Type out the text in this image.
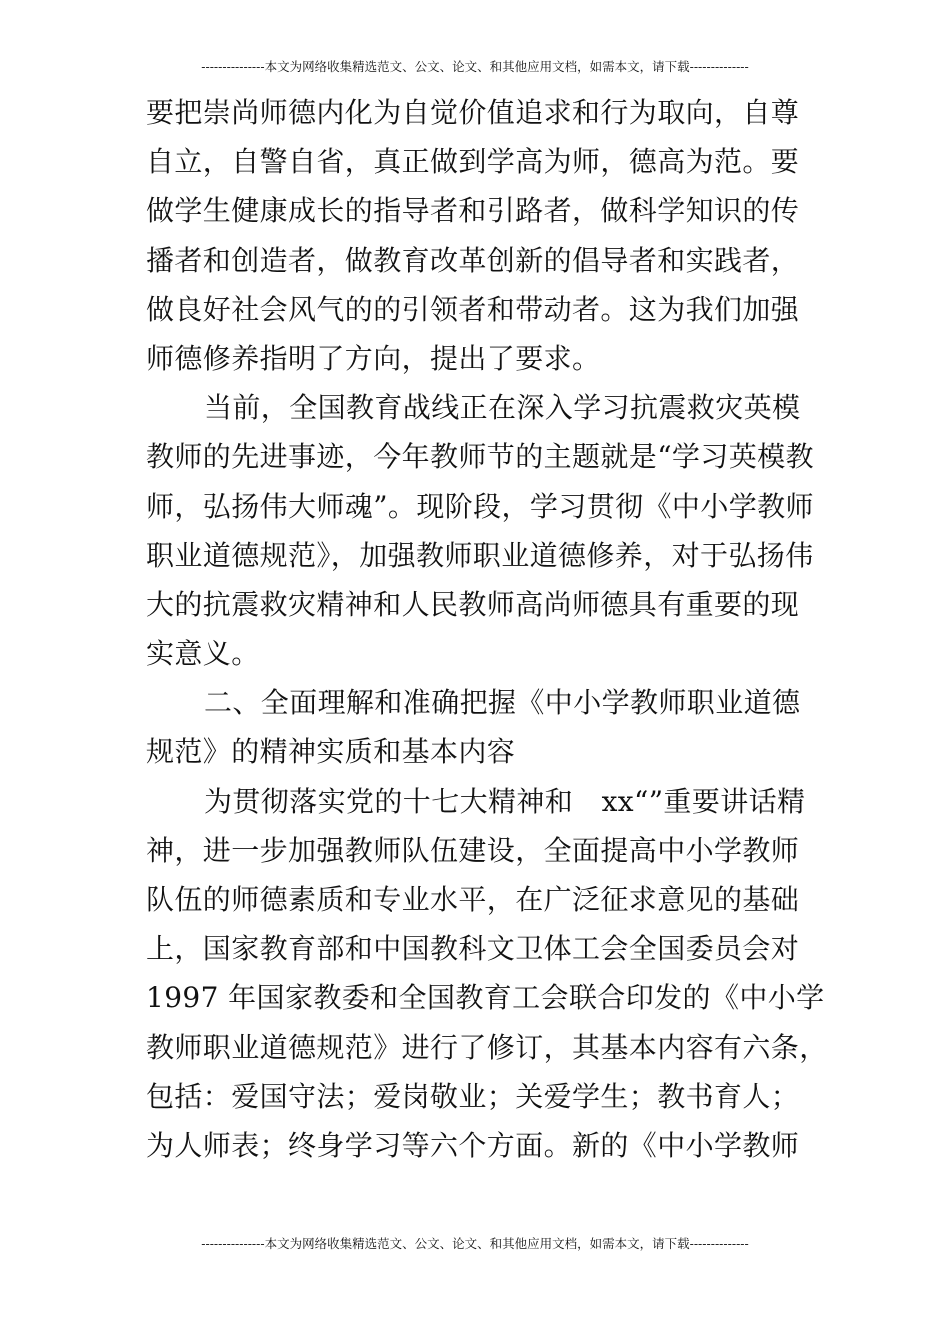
---------------本文为网络收集精选范文、公文、论文、和其他应用文档，如需本文，请下载--------------
要把崇尚师德内化为自觉价值追求和行为取向，自尊
自立，自警自省，真正做到学高为师，德高为范。要
做学生健康成长的指导者和引路者，做科学知识的传
播者和创造者，做教育改革创新的倡导者和实践者，
做良好社会风气的的引领者和带动者。这为我们加强
师德修养指明了方向，提出了要求。
当前，全国教育战线正在深入学习抗震救灾英模
教师的先进事迹，今年教师节的主题就是“学习英模教
师，弘扬伟大师魂”。现阶段，学习贯彻《中小学教师
职业道德规范》，加强教师职业道德修养，对于弘扬伟
大的抗震救灾精神和人民教师高尚师德具有重要的现
实意义。
二、全面理解和准确把握《中小学教师职业道德
规范》的精神实质和基本内容
为贯彻落实党的十七大精神和　xx“”重要讲话精
神，进一步加强教师队伍建设，全面提高中小学教师
队伍的师德素质和专业水平，在广泛征求意见的基础
上，国家教育部和中国教科文卫体工会全国委员会对
1997 年国家教委和全国教育工会联合印发的《中小学
教师职业道德规范》进行了修订，其基本内容有六条，
包括：爱国守法；爱岗敬业；关爱学生；教书育人；
为人师表；终身学习等六个方面。新的《中小学教师
---------------本文为网络收集精选范文、公文、论文、和其他应用文档，如需本文，请下载--------------
